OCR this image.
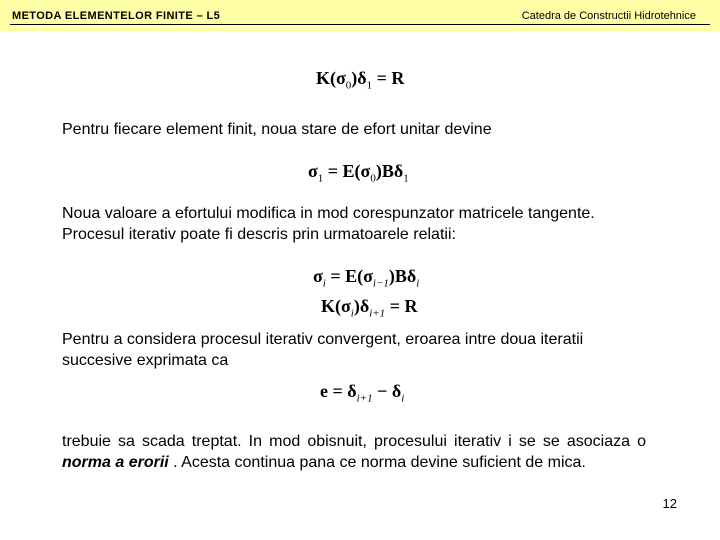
METODA ELEMENTELOR FINITE – L5	Catedra de Constructii Hidrotehnice
$K(\sigma_0)\delta_1 = R$
Pentru fiecare element finit, noua stare de efort unitar devine
$\sigma_1 = E(\sigma_0)B\delta_1$
Noua valoare a efortului modifica in mod corespunzator matricele tangente.
Procesul iterativ poate fi descris prin urmatoarele relatii:
$\sigma_i = E(\sigma_{i-1})B\delta_i$
$K(\sigma_i)\delta_{i+1} = R$
Pentru a considera procesul iterativ convergent, eroarea intre doua iteratii
succesive exprimata ca
$e = \delta_{i+1} - \delta_i$
trebuie sa scada treptat. In mod obisnuit, procesului iterativ i se se asociaza o norma a erorii . Acesta continua pana ce norma devine suficient de mica.
12
